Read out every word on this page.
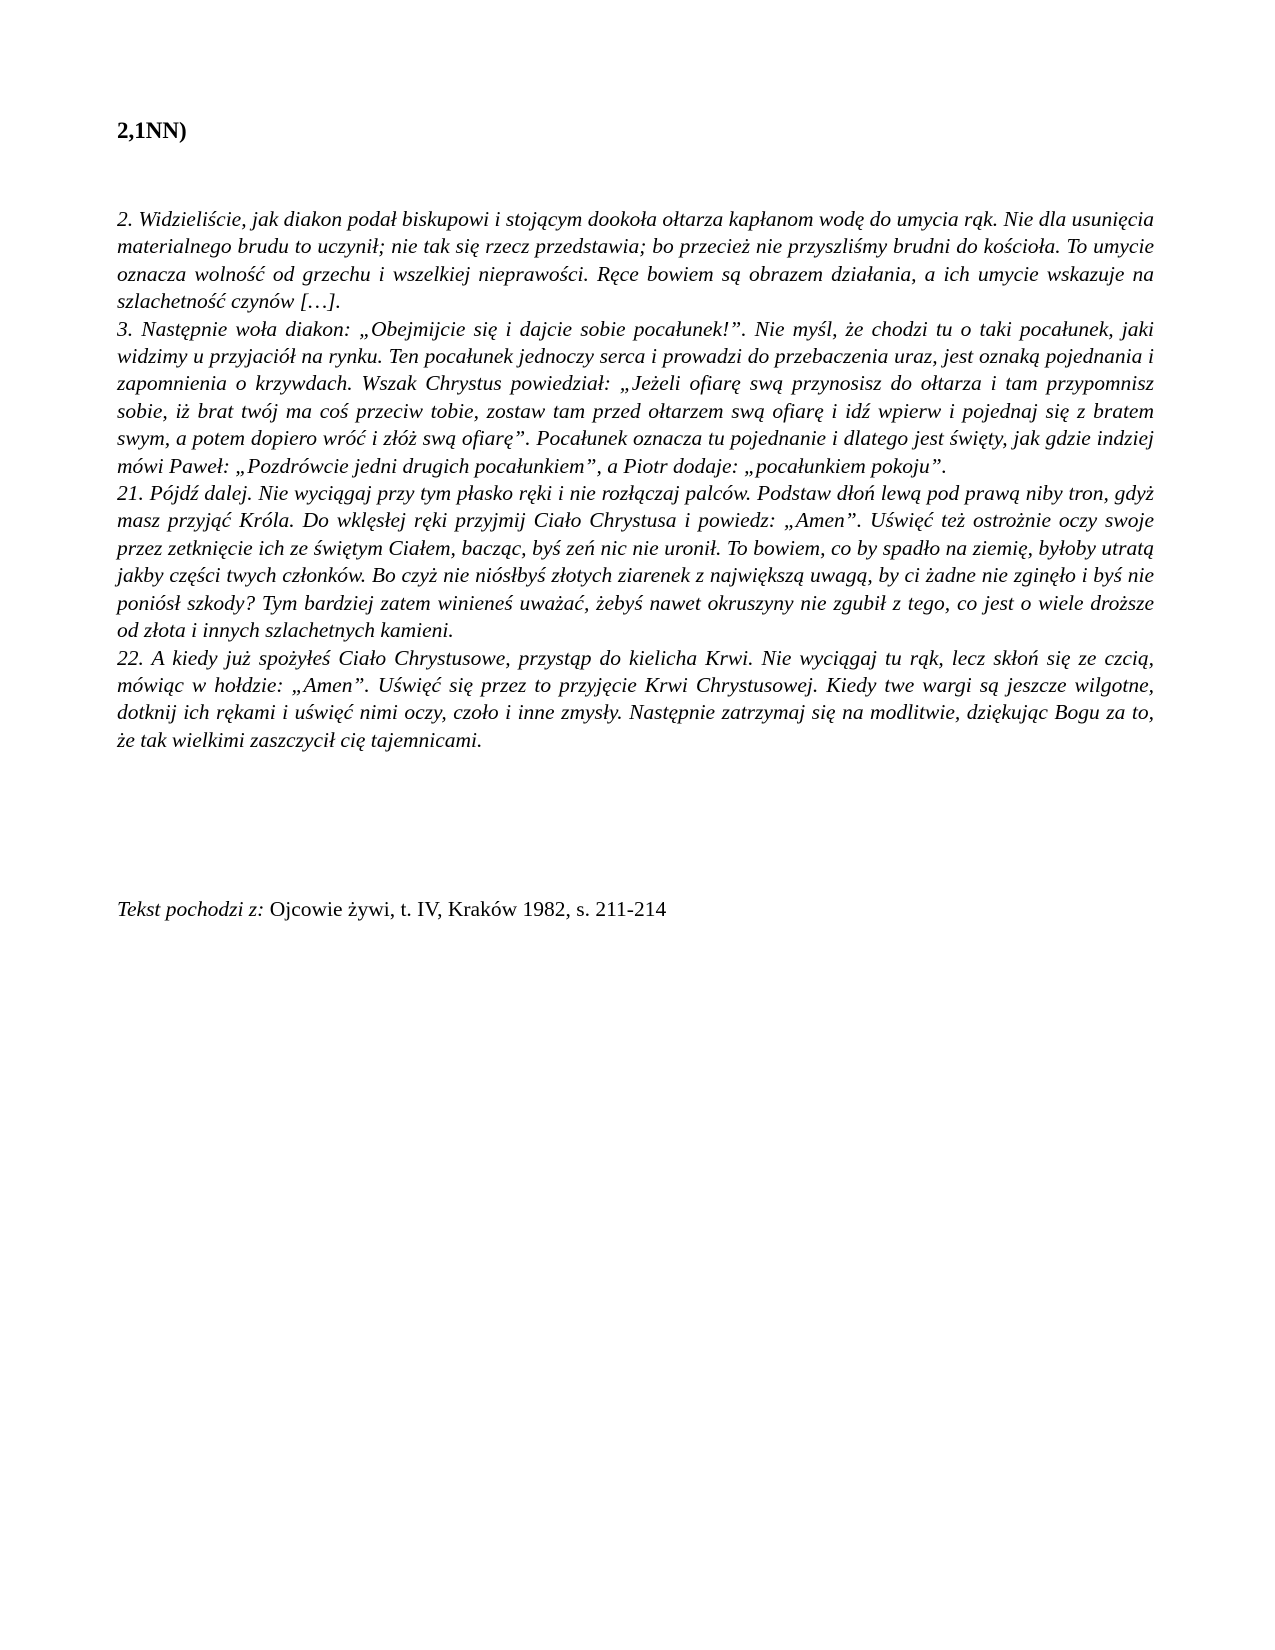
2,1NN)

2. Widzieliście, jak diakon podał biskupowi i stojącym dookoła ołtarza kapłanom wodę do umycia rąk. Nie dla usunięcia materialnego brudu to uczynił; nie tak się rzecz przedstawia; bo przecież nie przyszliśmy brudni do kościoła. To umycie oznacza wolność od grzechu i wszelkiej nieprawości. Ręce bowiem są obrazem działania, a ich umycie wskazuje na szlachetność czynów […].

3. Następnie woła diakon: „Obejmijcie się i dajcie sobie pocałunek!”. Nie myśl, że chodzi tu o taki pocałunek, jaki widzimy u przyjaciół na rynku. Ten pocałunek jednoczy serca i prowadzi do przebaczenia uraz, jest oznaką pojednania i zapomnienia o krzywdach. Wszak Chrystus powiedział: „Jeżeli ofiarę swą przynosisz do ołtarza i tam przypomnisz sobie, iż brat twój ma coś przeciw tobie, zostaw tam przed ołtarzem swą ofiarę i idź wpierw i pojednaj się z bratem swym, a potem dopiero wróć i złóż swą ofiarę”. Pocałunek oznacza tu pojednanie i dlatego jest święty, jak gdzie indziej mówi Paweł: „Pozdrówcie jedni drugich pocałunkiem”, a Piotr dodaje: „pocałunkiem pokoju”.

21. Pójdź dalej. Nie wyciągaj przy tym płasko ręki i nie rozłączaj palców. Podstaw dłoń lewą pod prawą niby tron, gdyż masz przyjąć Króla. Do wklęsłej ręki przyjmij Ciało Chrystusa i powiedz: „Amen”. Uświęć też ostrożnie oczy swoje przez zetknięcie ich ze świętym Ciałem, bacząc, byś zeń nic nie uronił. To bowiem, co by spadło na ziemię, byłoby utratą jakby części twych członków. Bo czyż nie niósłbyś złotych ziarenek z największą uwagą, by ci żadne nie zginęło i byś nie poniósł szkody? Tym bardziej zatem winieneś uważać, żebyś nawet okruszyny nie zgubił z tego, co jest o wiele droższe od złota i innych szlachetnych kamieni.

22. A kiedy już spożyłeś Ciało Chrystusowe, przystąp do kielicha Krwi. Nie wyciągaj tu rąk, lecz skłoń się ze czcią, mówiąc w hołdzie: „Amen”. Uświęć się przez to przyjęcie Krwi Chrystusowej. Kiedy twe wargi są jeszcze wilgotne, dotknij ich rękami i uświęć nimi oczy, czoło i inne zmysły. Następnie zatrzymaj się na modlitwie, dziękując Bogu za to, że tak wielkimi zaszczycił cię tajemnicami.

Tekst pochodzi z: Ojcowie żywi, t. IV, Kraków 1982, s. 211-214
